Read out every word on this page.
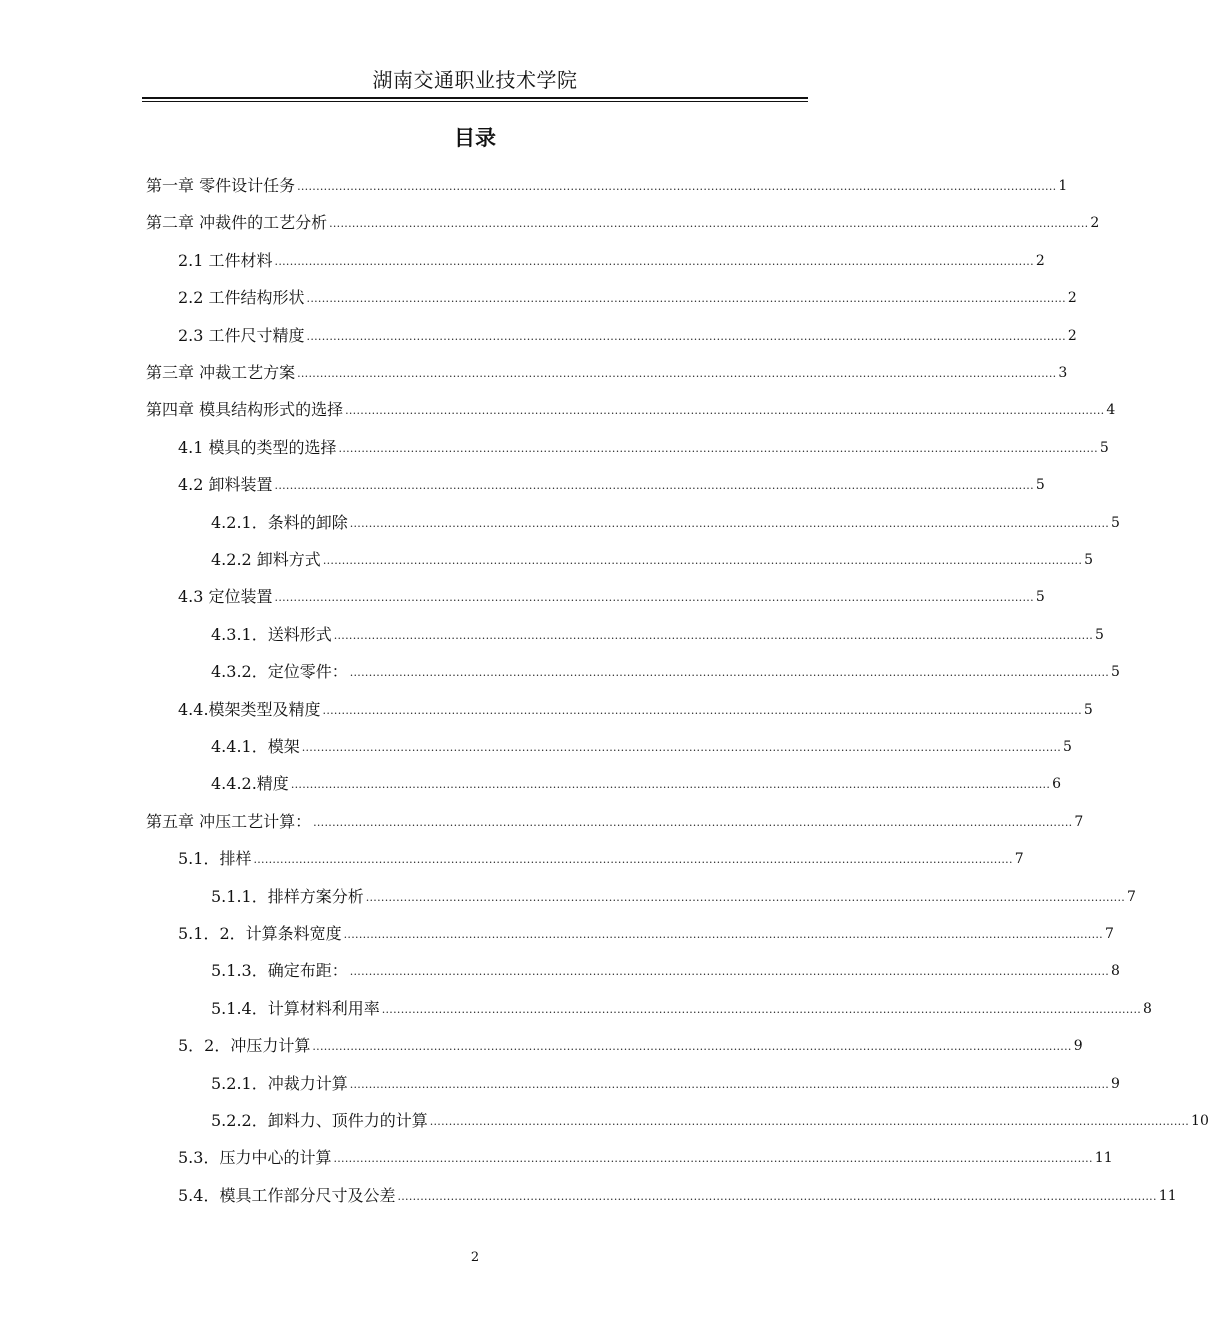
湖南交通职业技术学院
目录
第一章 零件设计任务 ........................................................................................................................................................................................................ 1
第二章 冲裁件的工艺分析 ........................................................................................................................................................................................................ 2
2.1 工件材料 ........................................................................................................................................................................................................ 2
2.2 工件结构形状 ........................................................................................................................................................................................................ 2
2.3 工件尺寸精度 ........................................................................................................................................................................................................ 2
第三章 冲裁工艺方案 ........................................................................................................................................................................................................ 3
第四章 模具结构形式的选择 ........................................................................................................................................................................................................ 4
4.1 模具的类型的选择 ........................................................................................................................................................................................................ 5
4.2 卸料装置 ........................................................................................................................................................................................................ 5
4.2.1．条料的卸除 ........................................................................................................................................................................................................ 5
4.2.2 卸料方式 ........................................................................................................................................................................................................ 5
4.3 定位装置 ........................................................................................................................................................................................................ 5
4.3.1．送料形式 ........................................................................................................................................................................................................ 5
4.3.2．定位零件： ........................................................................................................................................................................................................ 5
4.4.模架类型及精度 ........................................................................................................................................................................................................ 5
4.4.1．模架 ........................................................................................................................................................................................................ 5
4.4.2.精度 ........................................................................................................................................................................................................ 6
第五章 冲压工艺计算： ........................................................................................................................................................................................................ 7
5.1．排样 ........................................................................................................................................................................................................ 7
5.1.1．排样方案分析 ........................................................................................................................................................................................................ 7
5.1．2．计算条料宽度 ........................................................................................................................................................................................................ 7
5.1.3．确定布距： ........................................................................................................................................................................................................ 8
5.1.4．计算材料利用率 ........................................................................................................................................................................................................ 8
5．2．冲压力计算 ........................................................................................................................................................................................................ 9
5.2.1．冲裁力计算 ........................................................................................................................................................................................................ 9
5.2.2．卸料力、顶件力的计算 ........................................................................................................................................................................................................ 10
5.3．压力中心的计算 ........................................................................................................................................................................................................ 11
5.4．模具工作部分尺寸及公差 ........................................................................................................................................................................................................ 11
2
